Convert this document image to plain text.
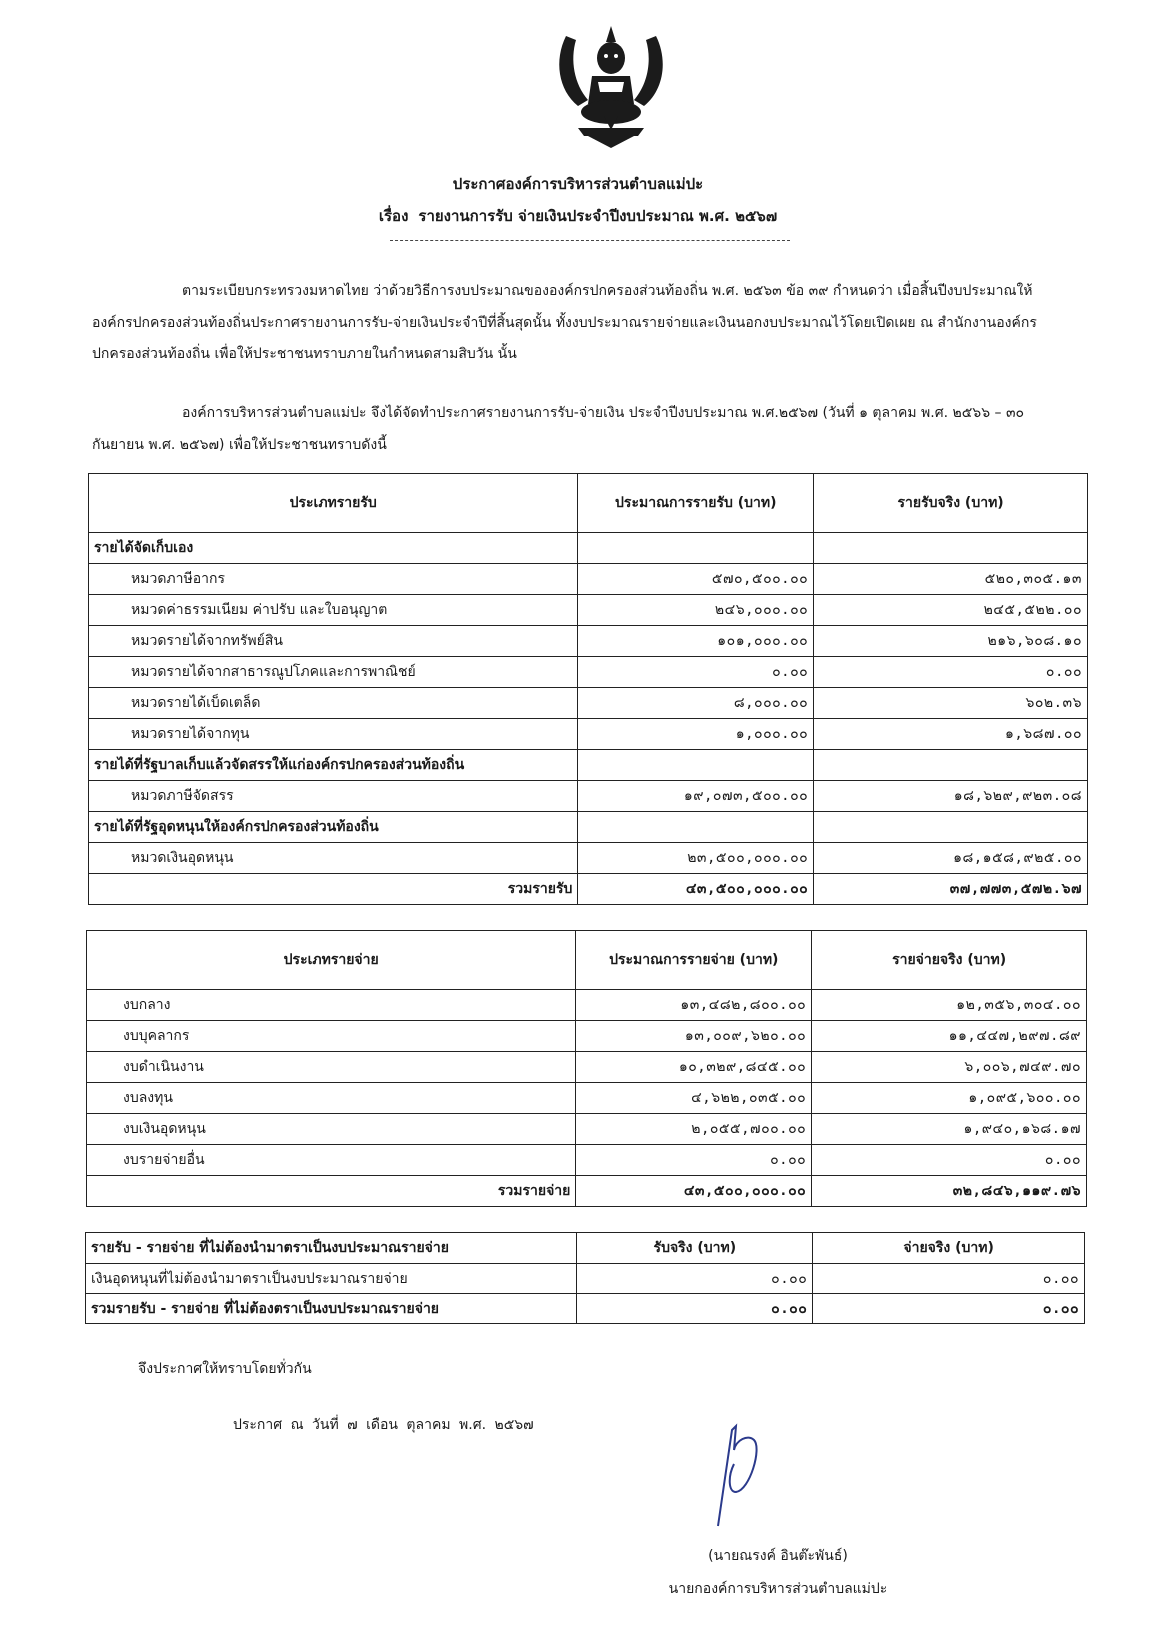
ประกาศองค์การบริหารส่วนตำบลแม่ปะ
เรื่อง รายงานการรับ จ่ายเงินประจำปีงบประมาณ พ.ศ. ๒๕๖๗
ตามระเบียบกระทรวงมหาดไทย ว่าด้วยวิธีการงบประมาณขององค์กรปกครองส่วนท้องถิ่น พ.ศ. ๒๕๖๓ ข้อ ๓๙ กำหนดว่า เมื่อสิ้นปีงบประมาณให้องค์กรปกครองส่วนท้องถิ่นประกาศรายงานการรับ-จ่ายเงินประจำปีที่สิ้นสุดนั้น ทั้งงบประมาณรายจ่ายและเงินนอกงบประมาณไว้โดยเปิดเผย ณ สำนักงานองค์กรปกครองส่วนท้องถิ่น เพื่อให้ประชาชนทราบภายในกำหนดสามสิบวัน นั้น
องค์การบริหารส่วนตำบลแม่ปะ จึงได้จัดทำประกาศรายงานการรับ-จ่ายเงิน ประจำปีงบประมาณ พ.ศ.๒๕๖๗ (วันที่ ๑ ตุลาคม พ.ศ. ๒๕๖๖ – ๓๐ กันยายน พ.ศ. ๒๕๖๗) เพื่อให้ประชาชนทราบดังนี้
ประเภทรายรับ	ประมาณการรายรับ (บาท)	รายรับจริง (บาท)
รายได้จัดเก็บเอง		
หมวดภาษีอากร	๕๗๐,๕๐๐.๐๐	๕๒๐,๓๐๕.๑๓
หมวดค่าธรรมเนียม ค่าปรับ และใบอนุญาต	๒๔๖,๐๐๐.๐๐	๒๔๕,๕๒๒.๐๐
หมวดรายได้จากทรัพย์สิน	๑๐๑,๐๐๐.๐๐	๒๑๖,๖๐๘.๑๐
หมวดรายได้จากสาธารณูปโภคและการพาณิชย์	๐.๐๐	๐.๐๐
หมวดรายได้เบ็ดเตล็ด	๘,๐๐๐.๐๐	๖๐๒.๓๖
หมวดรายได้จากทุน	๑,๐๐๐.๐๐	๑,๖๘๗.๐๐
รายได้ที่รัฐบาลเก็บแล้วจัดสรรให้แก่องค์กรปกครองส่วนท้องถิ่น		
หมวดภาษีจัดสรร	๑๙,๐๗๓,๕๐๐.๐๐	๑๘,๖๒๙,๙๒๓.๐๘
รายได้ที่รัฐอุดหนุนให้องค์กรปกครองส่วนท้องถิ่น		
หมวดเงินอุดหนุน	๒๓,๕๐๐,๐๐๐.๐๐	๑๘,๑๕๘,๙๒๕.๐๐
รวมรายรับ	๔๓,๕๐๐,๐๐๐.๐๐	๓๗,๗๗๓,๕๗๒.๖๗
ประเภทรายจ่าย	ประมาณการรายจ่าย (บาท)	รายจ่ายจริง (บาท)
งบกลาง	๑๓,๔๘๒,๘๐๐.๐๐	๑๒,๓๕๖,๓๐๔.๐๐
งบบุคลากร	๑๓,๐๐๙,๖๒๐.๐๐	๑๑,๔๔๗,๒๙๗.๘๙
งบดำเนินงาน	๑๐,๓๒๙,๘๔๕.๐๐	๖,๐๐๖,๗๔๙.๗๐
งบลงทุน	๔,๖๒๒,๐๓๕.๐๐	๑,๐๙๕,๖๐๐.๐๐
งบเงินอุดหนุน	๒,๐๕๕,๗๐๐.๐๐	๑,๙๔๐,๑๖๘.๑๗
งบรายจ่ายอื่น	๐.๐๐	๐.๐๐
รวมรายจ่าย	๔๓,๕๐๐,๐๐๐.๐๐	๓๒,๘๔๖,๑๑๙.๗๖
รายรับ - รายจ่าย ที่ไม่ต้องนำมาตราเป็นงบประมาณรายจ่าย	รับจริง (บาท)	จ่ายจริง (บาท)
เงินอุดหนุนที่ไม่ต้องนำมาตราเป็นงบประมาณรายจ่าย	๐.๐๐	๐.๐๐
รวมรายรับ - รายจ่าย ที่ไม่ต้องตราเป็นงบประมาณรายจ่าย	๐.๐๐	๐.๐๐
จึงประกาศให้ทราบโดยทั่วกัน
ประกาศ ณ วันที่ ๗ เดือน ตุลาคม พ.ศ. ๒๕๖๗
(นายณรงค์ อินต๊ะพันธ์)
นายกองค์การบริหารส่วนตำบลแม่ปะ
